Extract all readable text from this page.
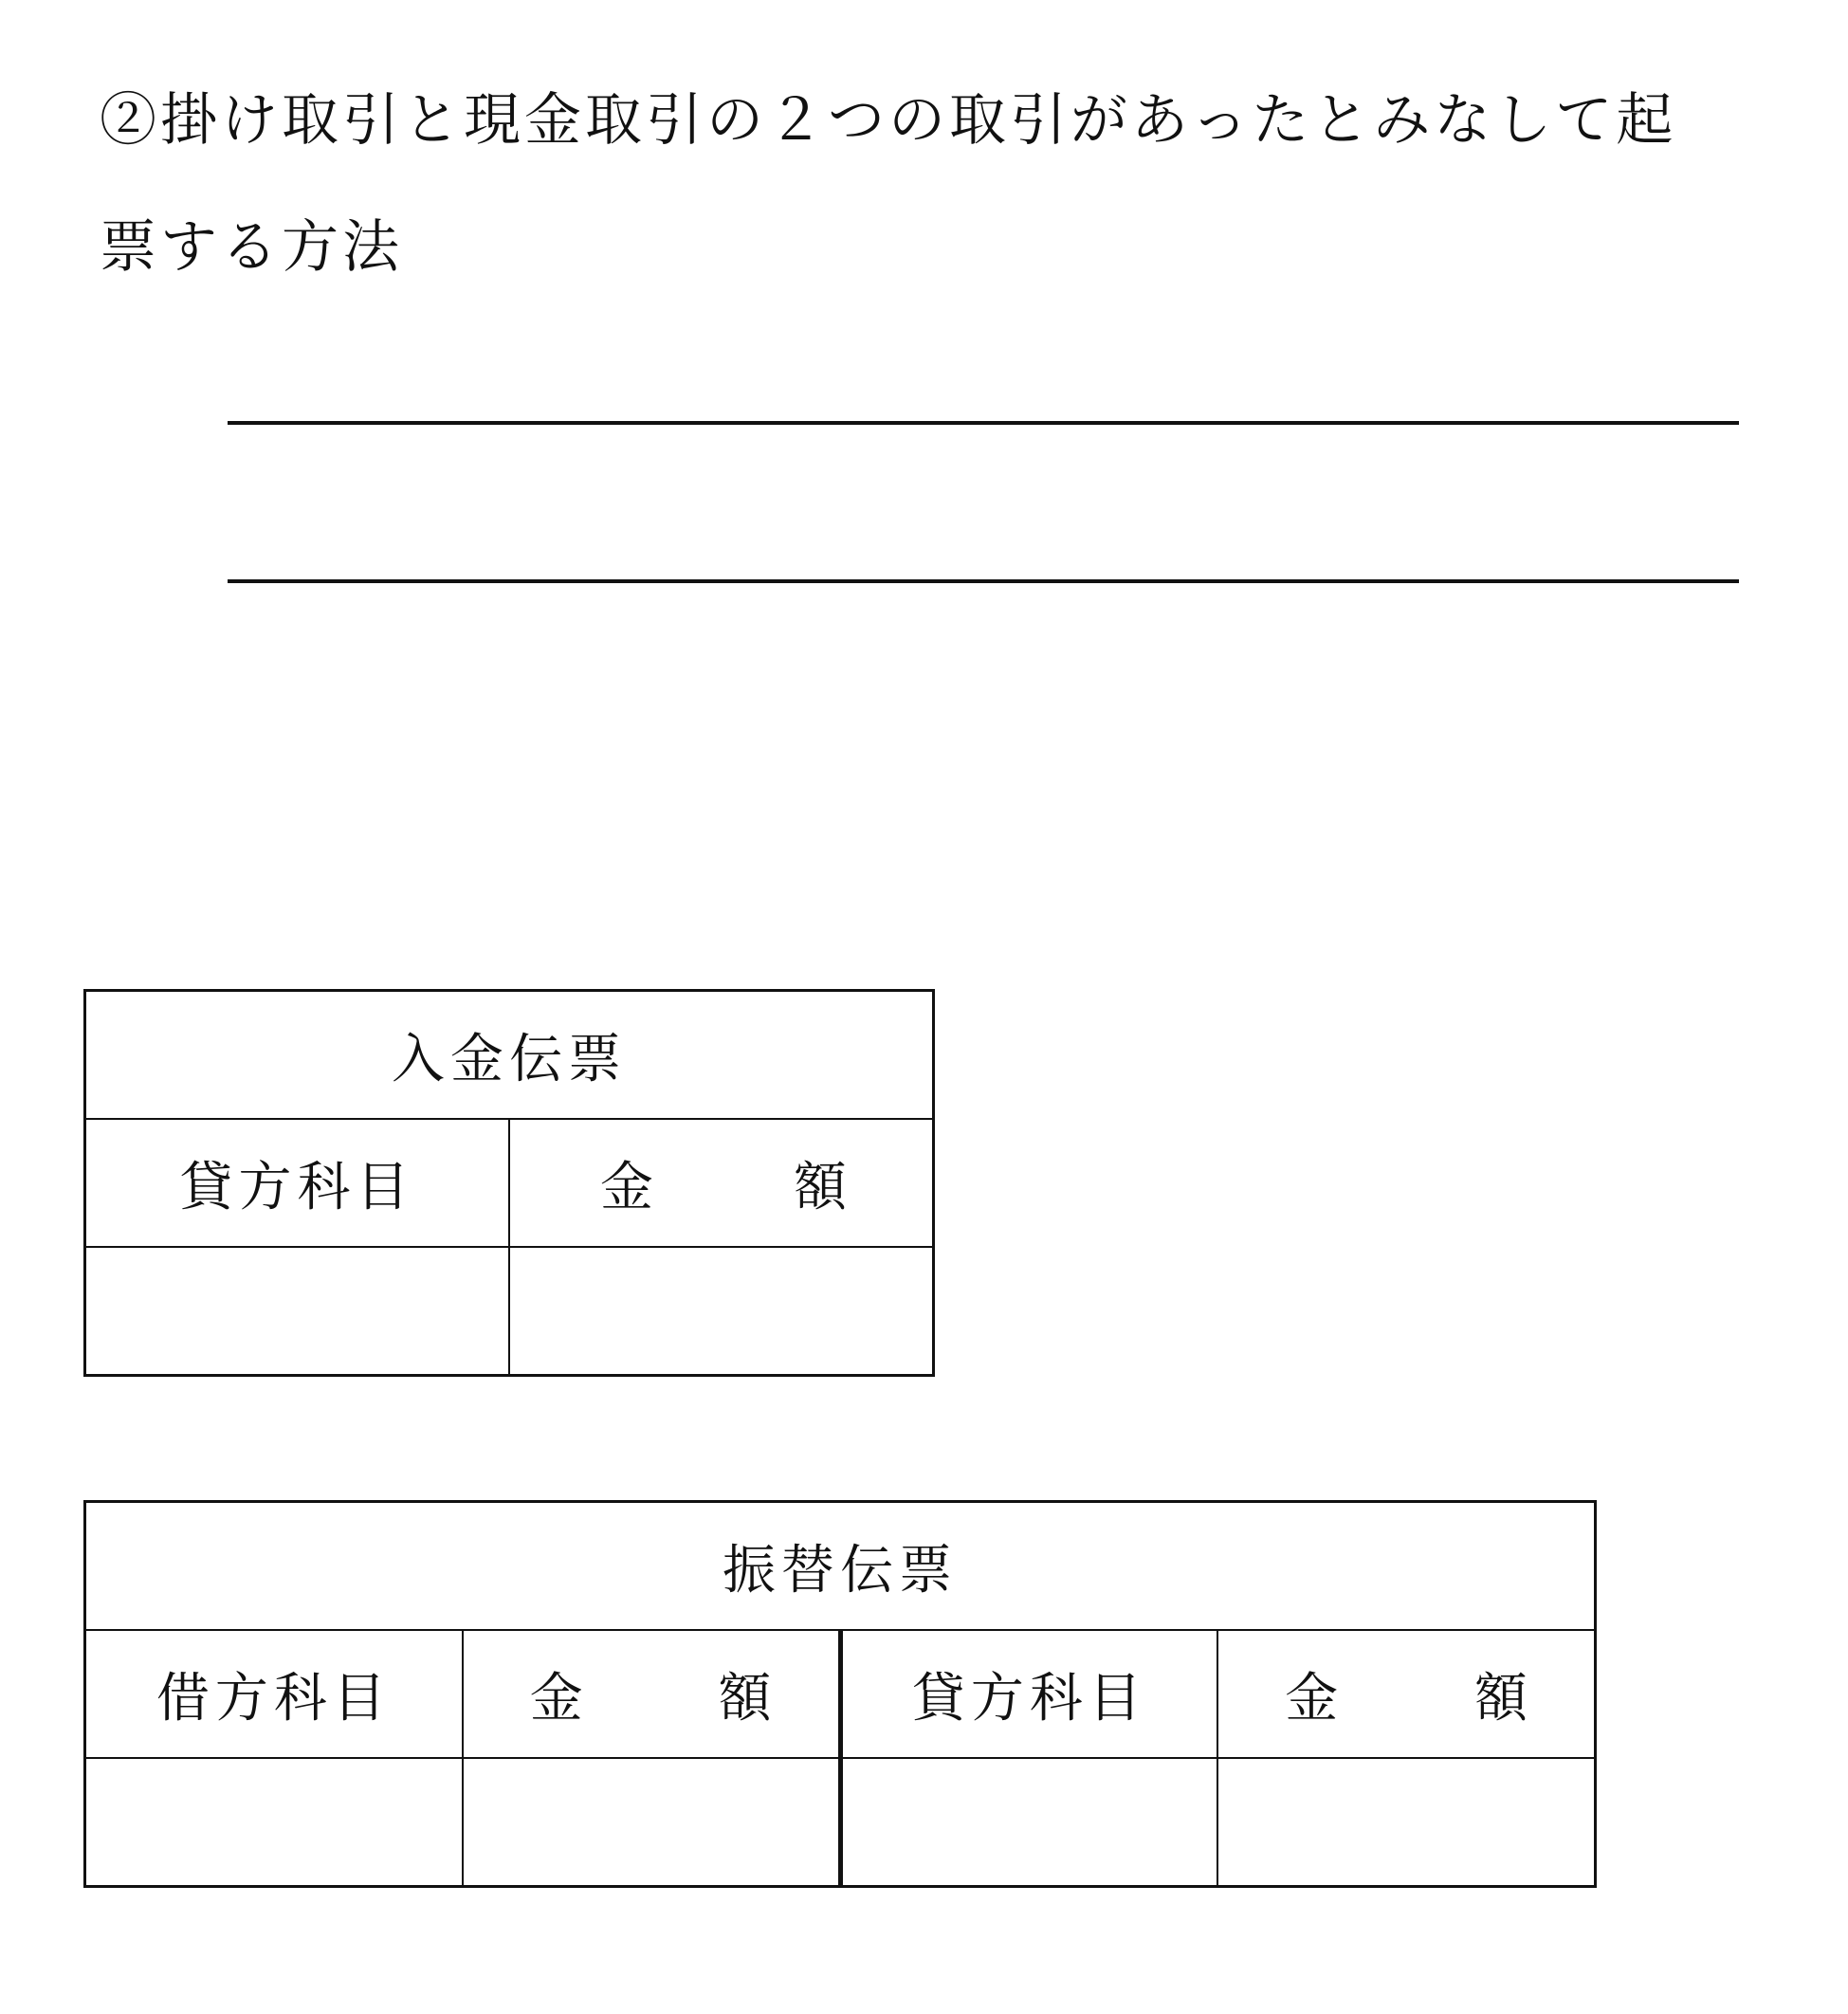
②掛け取引と現金取引の２つの取引があったとみなして起
票する方法
入金伝票	
貸方科目	金 額

振替伝票			
借方科目	金 額	貸方科目	金 額
